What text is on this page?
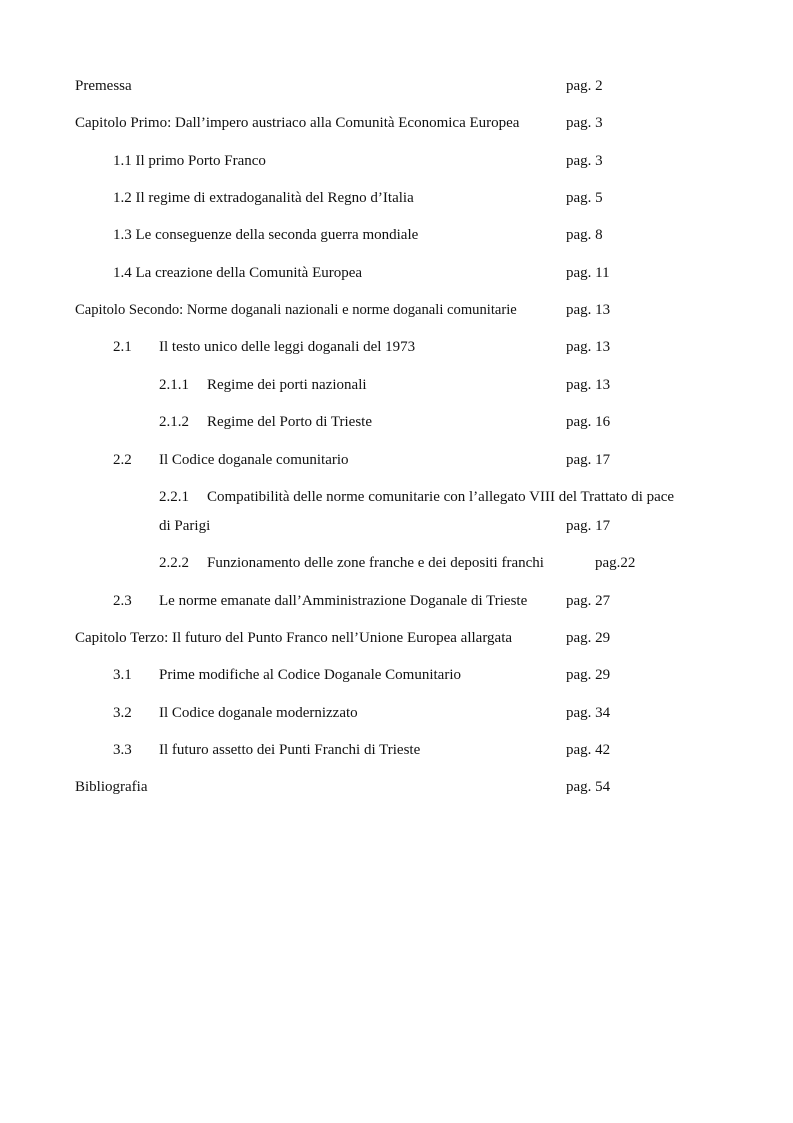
Premessa	pag. 2
Capitolo Primo: Dall’impero austriaco alla Comunità Economica Europea	pag. 3
1.1 Il primo Porto Franco	pag. 3
1.2 Il regime di extradoganalità del Regno d’Italia	pag. 5
1.3 Le conseguenze della seconda guerra mondiale	pag. 8
1.4 La creazione della Comunità Europea	pag. 11
Capitolo Secondo: Norme doganali nazionali e norme doganali comunitarie	pag. 13
2.1 Il testo unico delle leggi doganali del 1973	pag. 13
2.1.1 Regime dei porti nazionali	pag. 13
2.1.2 Regime del Porto di Trieste	pag. 16
2.2 Il Codice doganale comunitario	pag. 17
2.2.1 Compatibilità delle norme comunitarie con l’allegato VIII del Trattato di pace
di Parigi	pag. 17
2.2.2 Funzionamento delle zone franche e dei depositi franchi	pag.22
2.3 Le norme emanate dall’Amministrazione Doganale di Trieste	pag. 27
Capitolo Terzo: Il futuro del Punto Franco nell’Unione Europea allargata	pag. 29
3.1 Prime modifiche al Codice Doganale Comunitario	pag. 29
3.2 Il Codice doganale modernizzato	pag. 34
3.3 Il futuro assetto dei Punti Franchi di Trieste	pag. 42
Bibliografia	pag. 54
